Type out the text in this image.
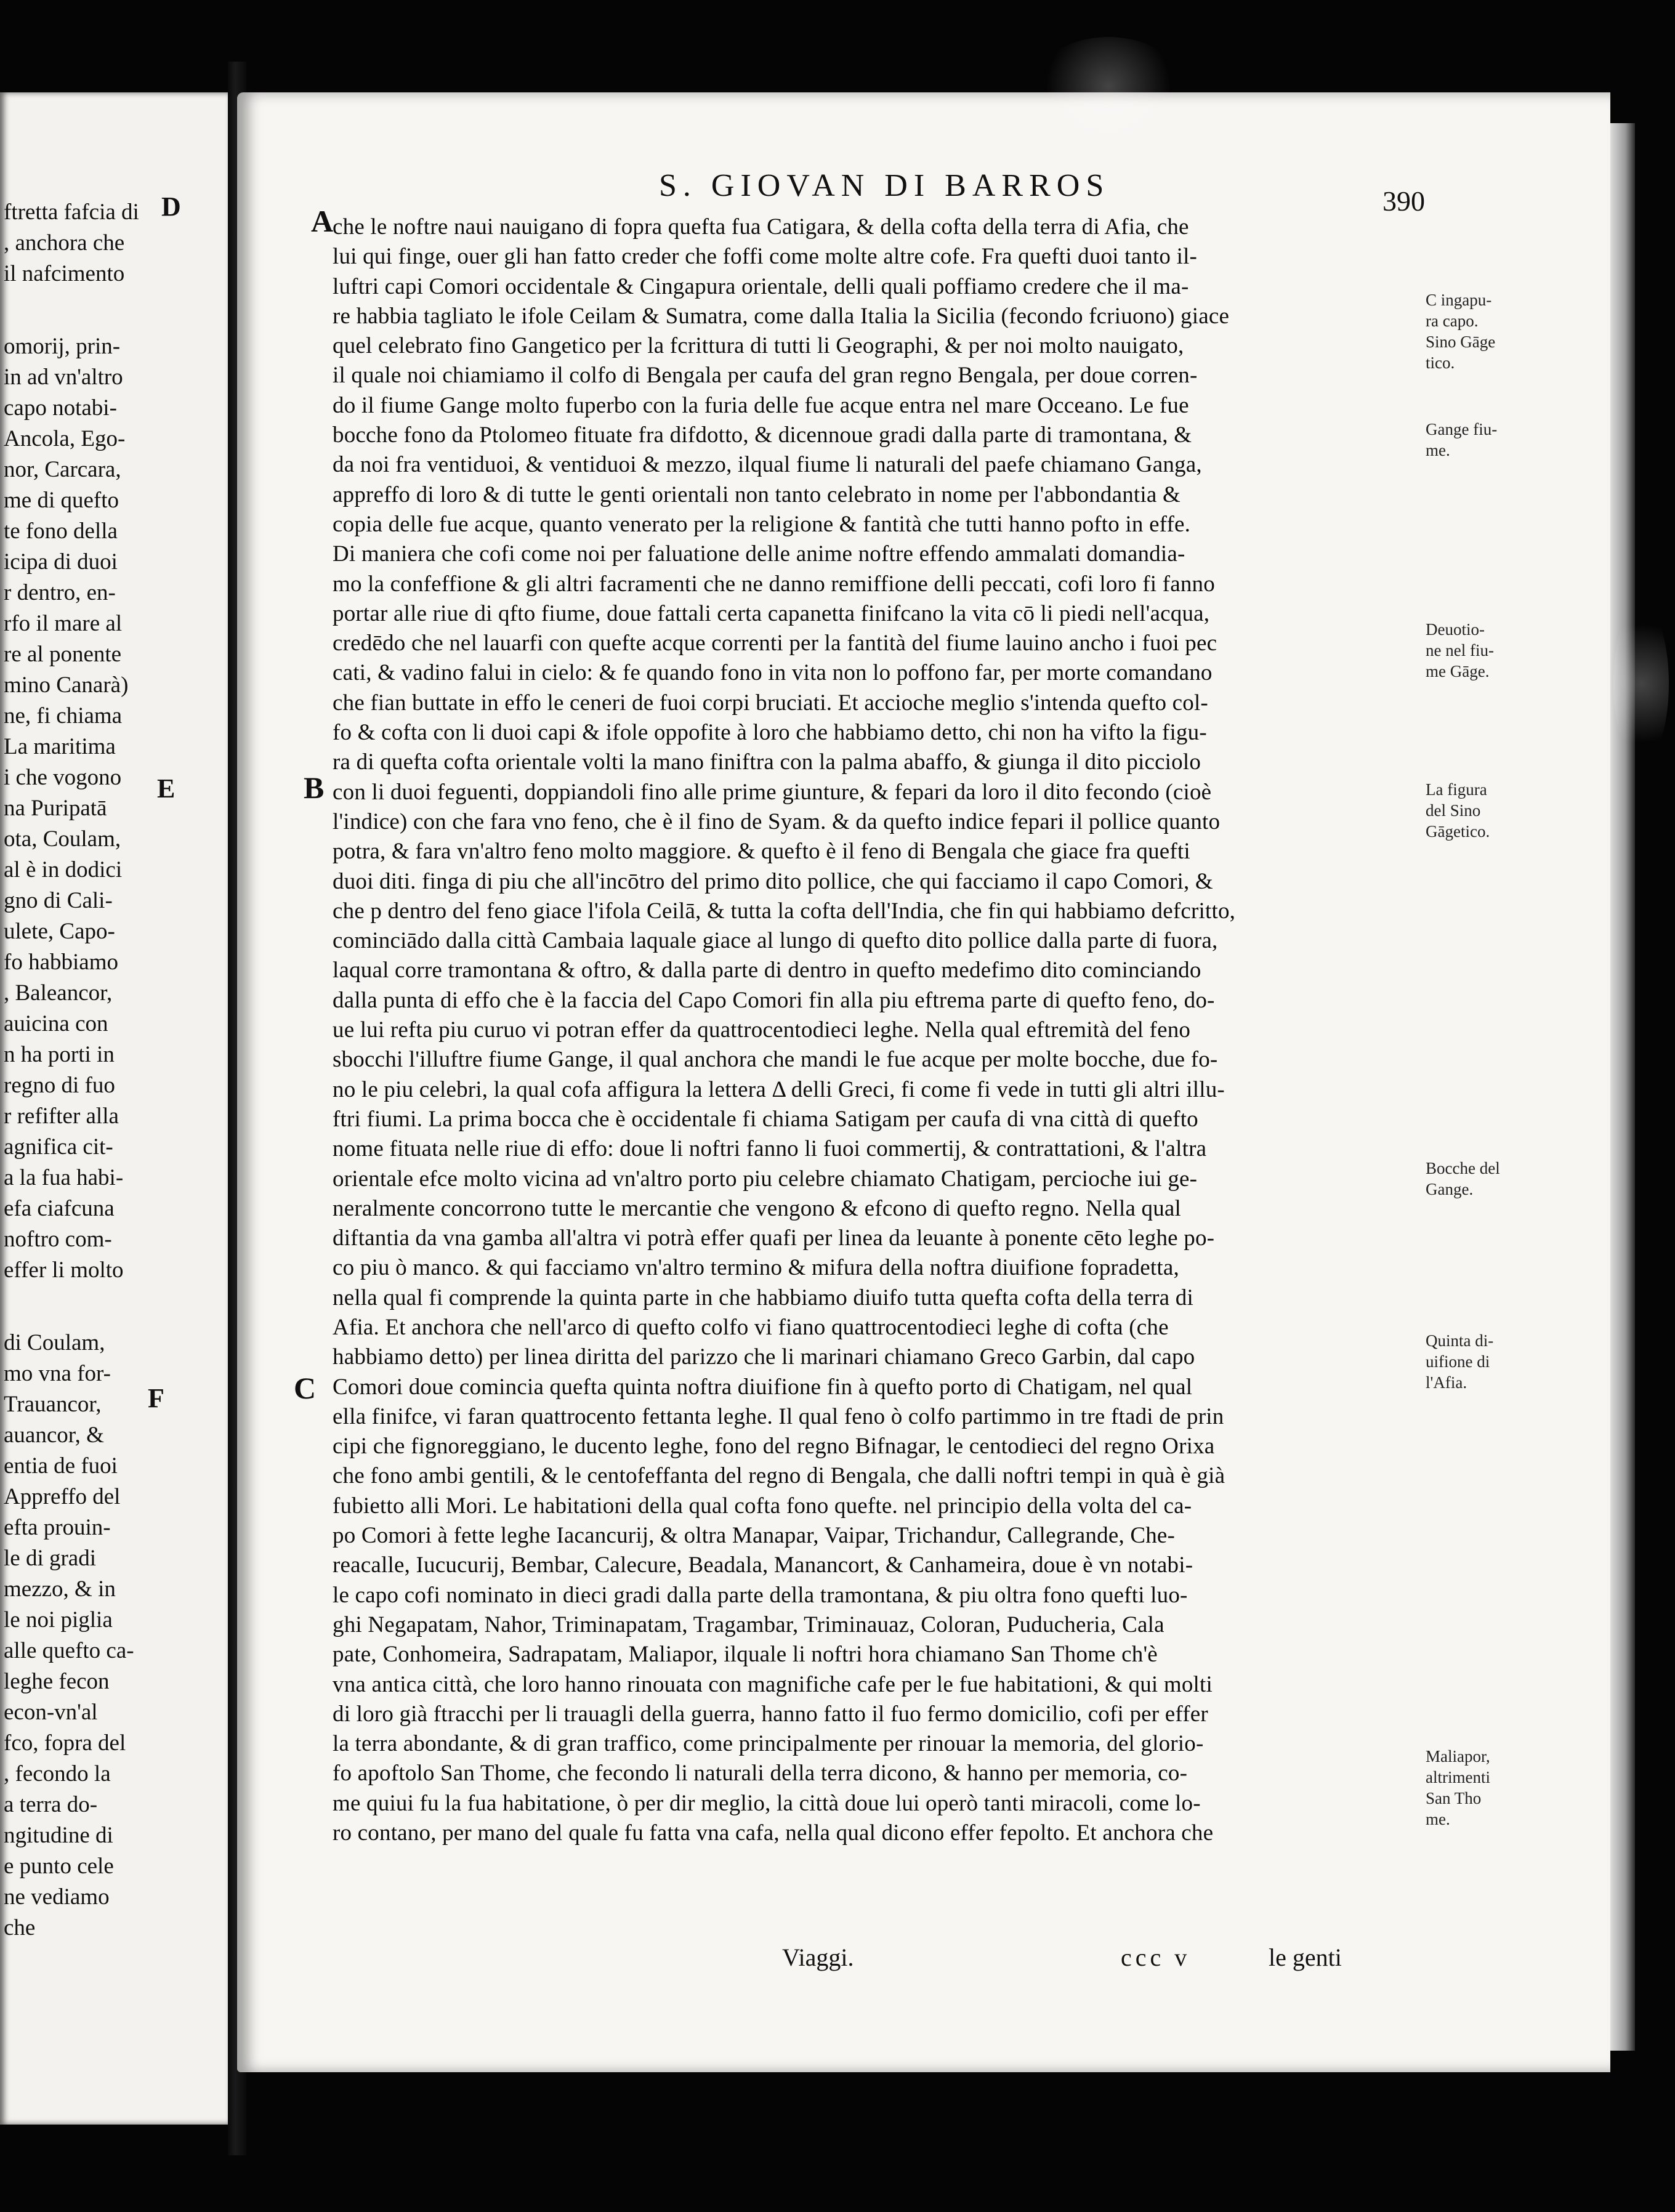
ftretta fafcia di
, anchora che
il nafcimento
omorij, prin-
in ad vn'altro
capo notabi-
Ancola, Ego-
nor, Carcara,
me di quefto
te fono della
icipa di duoi
r dentro, en-
rfo il mare al
re al ponente
mino Canarà)
ne, fi chiama
La maritima
i che vogono
na Puripatā
ota, Coulam,
al è in dodici
gno di Cali-
ulete, Capo-
fo habbiamo
, Baleancor,
auicina con
n ha porti in
regno di fuo
r refifter alla
agnifica cit-
a la fua habi-
efa ciafcuna
noftro com-
effer li molto
di Coulam,
mo vna for-
Trauancor,
auancor, &
entia de fuoi
Appreffo del
efta prouin-
le di gradi
mezzo, & in
le noi piglia
alle quefto ca-
leghe fecon
econ-vn'al
fco, fopra del
, fecondo la
a terra do-
ngitudine di
e punto cele
ne vediamo
che
D
E
F
S. GIOVAN DI BARROS	390
A
B
C
che le noftre naui nauigano di fopra quefta fua Catigara, & della cofta della terra di Afia, che
lui qui finge, ouer gli han fatto creder che foffi come molte altre cofe. Fra quefti duoi tanto il-
luftri capi Comori occidentale & Cingapura orientale, delli quali poffiamo credere che il ma-
re habbia tagliato le ifole Ceilam & Sumatra, come dalla Italia la Sicilia (fecondo fcriuono) giace
quel celebrato fino Gangetico per la fcrittura di tutti li Geographi, & per noi molto nauigato,
il quale noi chiamiamo il colfo di Bengala per caufa del gran regno Bengala, per doue corren-
do il fiume Gange molto fuperbo con la furia delle fue acque entra nel mare Occeano. Le fue
bocche fono da Ptolomeo fituate fra difdotto, & dicennoue gradi dalla parte di tramontana, &
da noi fra ventiduoi, & ventiduoi & mezzo, ilqual fiume li naturali del paefe chiamano Ganga,
appreffo di loro & di tutte le genti orientali non tanto celebrato in nome per l'abbondantia &
copia delle fue acque, quanto venerato per la religione & fantità che tutti hanno pofto in effe.
Di maniera che cofi come noi per faluatione delle anime noftre effendo ammalati domandia-
mo la confeffione & gli altri facramenti che ne danno remiffione delli peccati, cofi loro fi fanno
portar alle riue di qfto fiume, doue fattali certa capanetta finifcano la vita cō li piedi nell'acqua,
credēdo che nel lauarfi con quefte acque correnti per la fantità del fiume lauino ancho i fuoi pec
cati, & vadino falui in cielo: & fe quando fono in vita non lo poffono far, per morte comandano
che fian buttate in effo le ceneri de fuoi corpi bruciati. Et accioche meglio s'intenda quefto col-
fo & cofta con li duoi capi & ifole oppofite à loro che habbiamo detto, chi non ha vifto la figu-
ra di quefta cofta orientale volti la mano finiftra con la palma abaffo, & giunga il dito picciolo
con li duoi feguenti, doppiandoli fino alle prime giunture, & fepari da loro il dito fecondo (cioè
l'indice) con che fara vno feno, che è il fino de Syam. & da quefto indice fepari il pollice quanto
potra, & fara vn'altro feno molto maggiore. & quefto è il feno di Bengala che giace fra quefti
duoi diti. finga di piu che all'incōtro del primo dito pollice, che qui facciamo il capo Comori, &
che p dentro del feno giace l'ifola Ceilā, & tutta la cofta dell'India, che fin qui habbiamo defcritto,
cominciādo dalla città Cambaia laquale giace al lungo di quefto dito pollice dalla parte di fuora,
laqual corre tramontana & oftro, & dalla parte di dentro in quefto medefimo dito cominciando
dalla punta di effo che è la faccia del Capo Comori fin alla piu eftrema parte di quefto feno, do-
ue lui refta piu curuo vi potran effer da quattrocentodieci leghe. Nella qual eftremità del feno
sbocchi l'illuftre fiume Gange, il qual anchora che mandi le fue acque per molte bocche, due fo-
no le piu celebri, la qual cofa affigura la lettera Δ delli Greci, fi come fi vede in tutti gli altri illu-
ftri fiumi. La prima bocca che è occidentale fi chiama Satigam per caufa di vna città di quefto
nome fituata nelle riue di effo: doue li noftri fanno li fuoi commertij, & contrattationi, & l'altra
orientale efce molto vicina ad vn'altro porto piu celebre chiamato Chatigam, percioche iui ge-
neralmente concorrono tutte le mercantie che vengono & efcono di quefto regno. Nella qual
diftantia da vna gamba all'altra vi potrà effer quafi per linea da leuante à ponente cēto leghe po-
co piu ò manco. & qui facciamo vn'altro termino & mifura della noftra diuifione fopradetta,
nella qual fi comprende la quinta parte in che habbiamo diuifo tutta quefta cofta della terra di
Afia. Et anchora che nell'arco di quefto colfo vi fiano quattrocentodieci leghe di cofta (che
habbiamo detto) per linea diritta del parizzo che li marinari chiamano Greco Garbin, dal capo
Comori doue comincia quefta quinta noftra diuifione fin à quefto porto di Chatigam, nel qual
ella finifce, vi faran quattrocento fettanta leghe. Il qual feno ò colfo partimmo in tre ftadi de prin
cipi che fignoreggiano, le ducento leghe, fono del regno Bifnagar, le centodieci del regno Orixa
che fono ambi gentili, & le centofeffanta del regno di Bengala, che dalli noftri tempi in quà è già
fubietto alli Mori. Le habitationi della qual cofta fono quefte. nel principio della volta del ca-
po Comori à fette leghe Iacancurij, & oltra Manapar, Vaipar, Trichandur, Callegrande, Che-
reacalle, Iucucurij, Bembar, Calecure, Beadala, Manancort, & Canhameira, doue è vn notabi-
le capo cofi nominato in dieci gradi dalla parte della tramontana, & piu oltra fono quefti luo-
ghi Negapatam, Nahor, Triminapatam, Tragambar, Triminauaz, Coloran, Puducheria, Cala
pate, Conhomeira, Sadrapatam, Maliapor, ilquale li noftri hora chiamano San Thome ch'è
vna antica città, che loro hanno rinouata con magnifiche cafe per le fue habitationi, & qui molti
di loro già ftracchi per li trauagli della guerra, hanno fatto il fuo fermo domicilio, cofi per effer
la terra abondante, & di gran traffico, come principalmente per rinouar la memoria, del glorio-
fo apoftolo San Thome, che fecondo li naturali della terra dicono, & hanno per memoria, co-
me quiui fu la fua habitatione, ò per dir meglio, la città doue lui operò tanti miracoli, come lo-
ro contano, per mano del quale fu fatta vna cafa, nella qual dicono effer fepolto. Et anchora che
C ingapu-
ra capo.
Sino Gāge
tico.
Gange fiu-
me.
Deuotio-
ne nel fiu-
me Gāge.
La figura
del Sino
Gāgetico.
Bocche del
Gange.
Quinta di-
uifione di
l'Afia.
Maliapor,
altrimenti
San Tho
me.
Viaggi.	ccc v	le genti
